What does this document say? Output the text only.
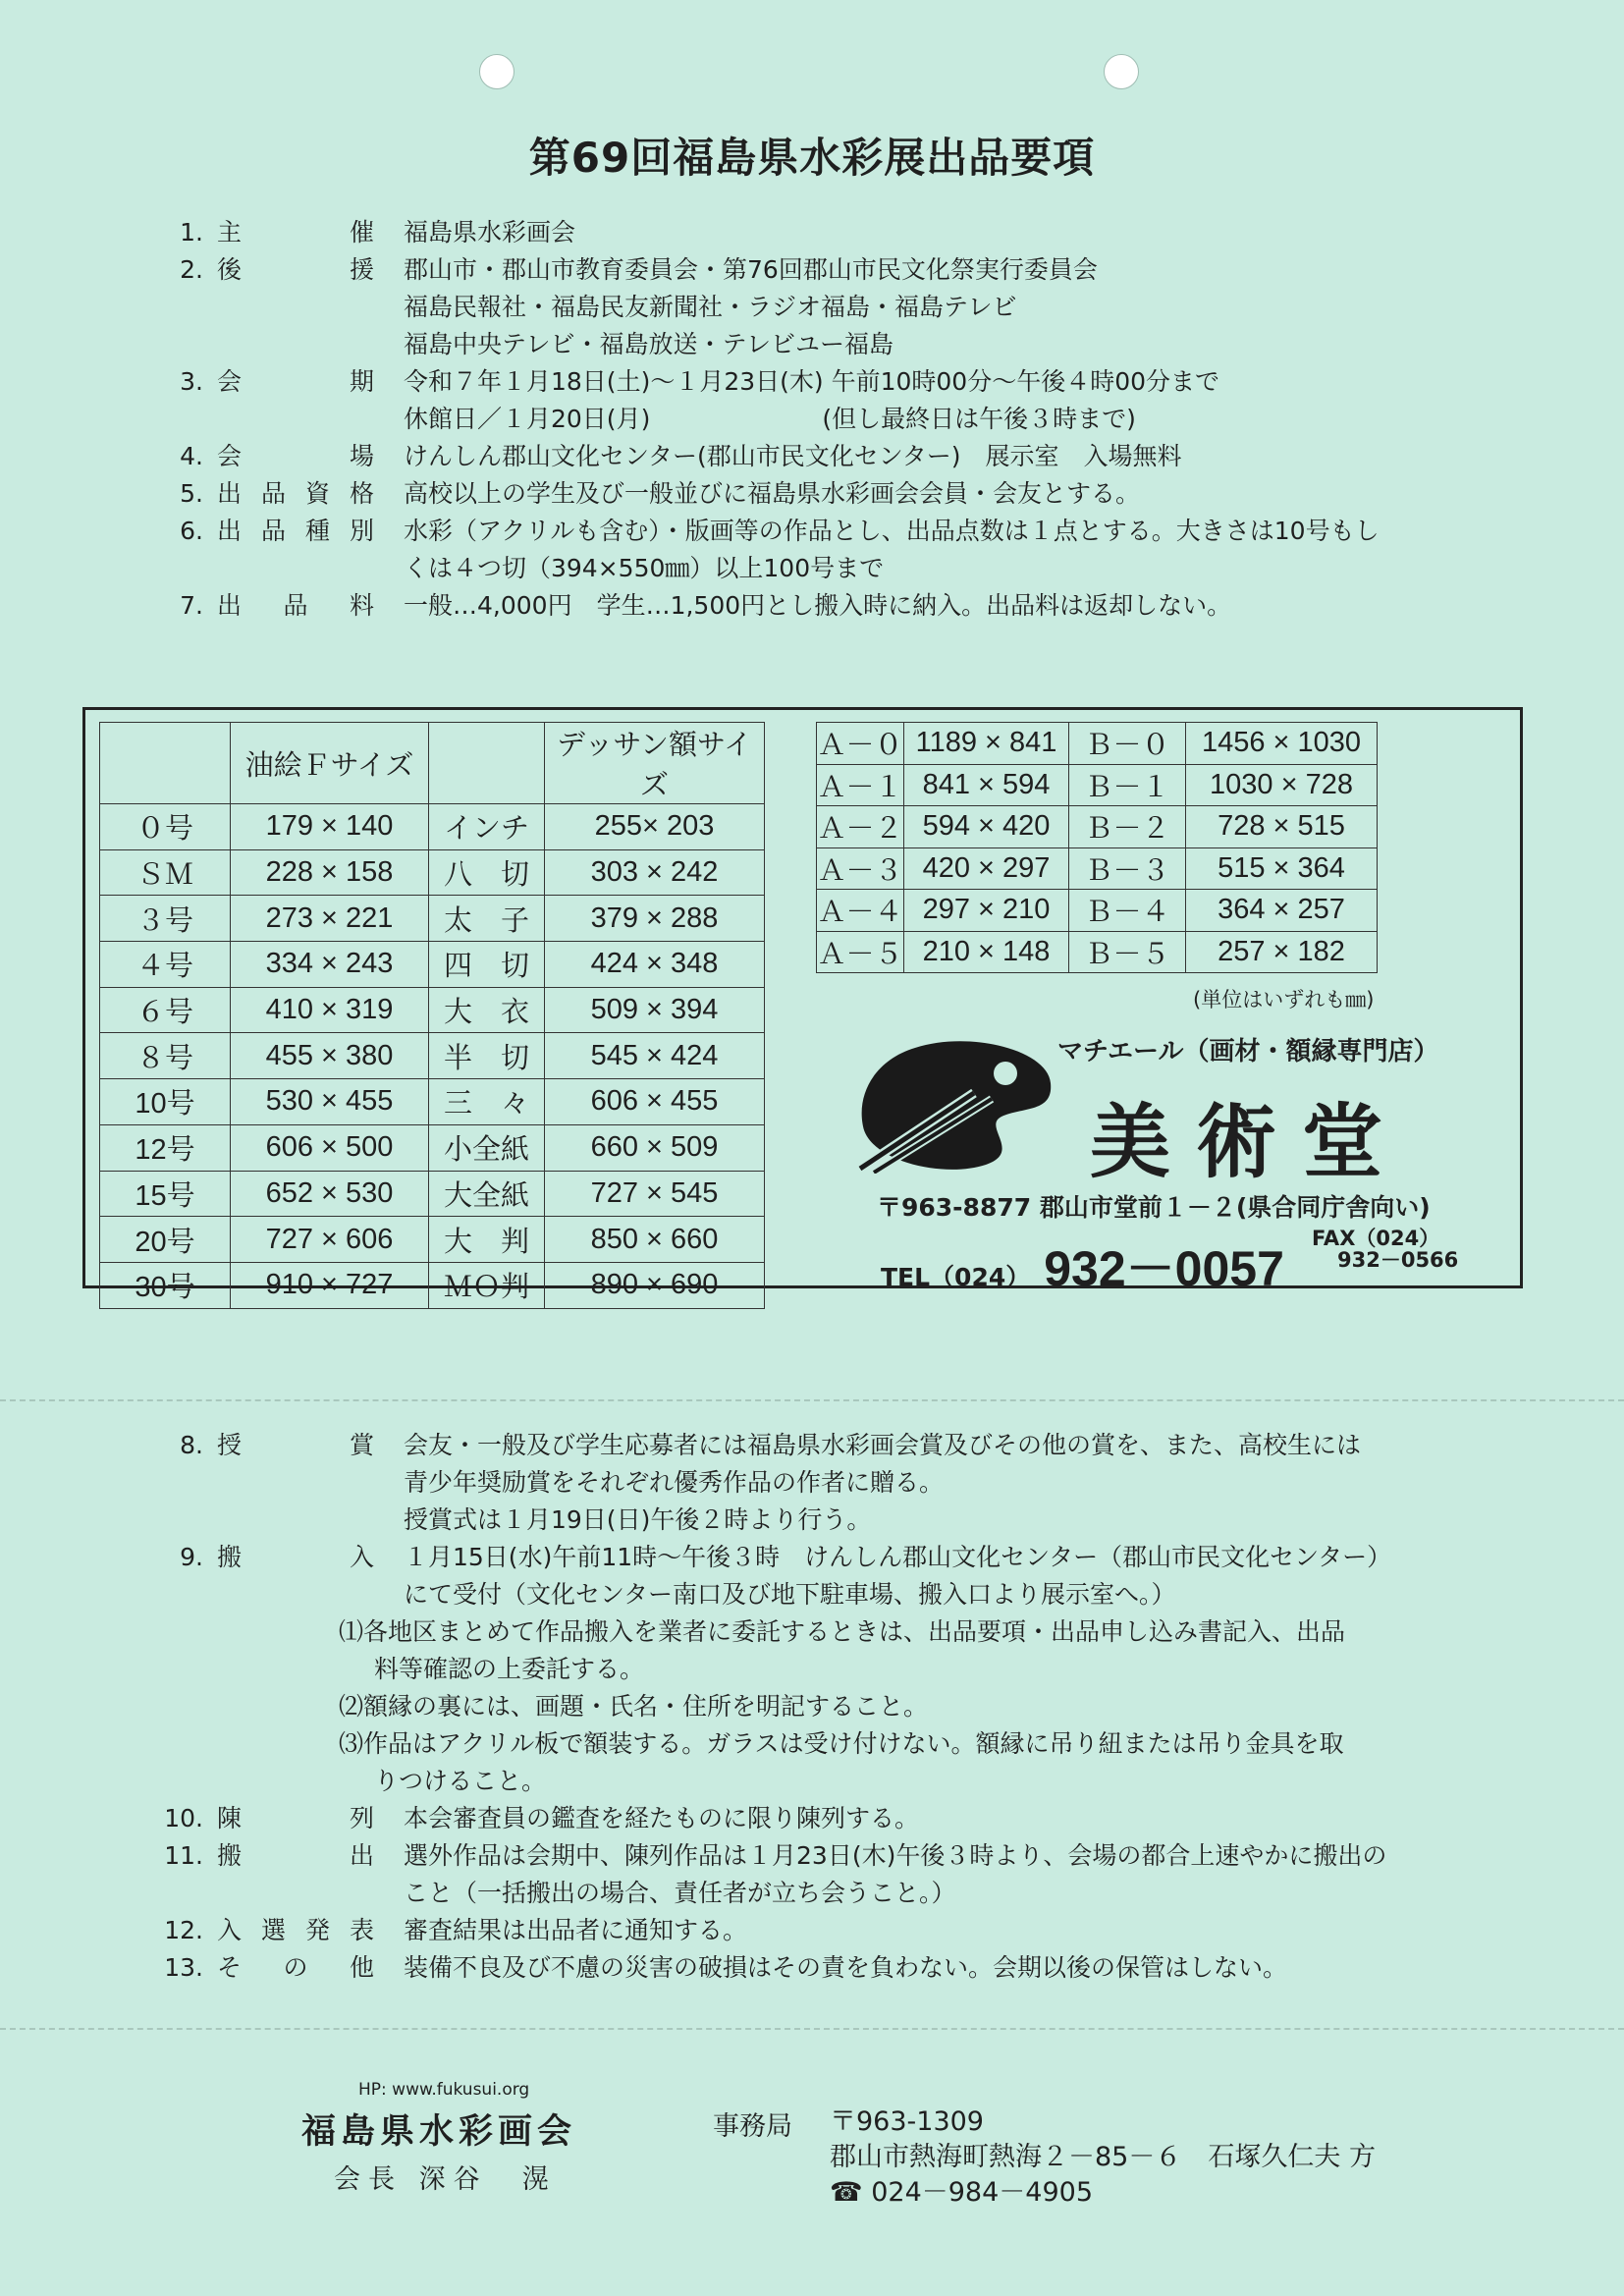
第69回福島県水彩展出品要項
1. 主　催	福島県水彩画会
2. 後　援	郡山市・郡山市教育委員会・第76回郡山市民文化祭実行委員会
福島民報社・福島民友新聞社・ラジオ福島・福島テレビ
福島中央テレビ・福島放送・テレビユー福島
3. 会　期	令和７年１月18日(土)～１月23日(木) 午前10時00分～午後４時00分まで
休館日／１月20日(月)　　　　　　　(但し最終日は午後３時まで)
4. 会　場	けんしん郡山文化センター(郡山市民文化センター)　展示室　入場無料
5. 出品資格	高校以上の学生及び一般並びに福島県水彩画会会員・会友とする。
6. 出品種別	水彩（アクリルも含む）・版画等の作品とし、出品点数は１点とする。大きさは10号もし
くは４つ切（394×550㎜）以上100号まで
7. 出品料	一般…4,000円　学生…1,500円とし搬入時に納入。出品料は返却しない。
	油絵Ｆサイズ		デッサン額サイズ
０号	179 × 140	インチ	255× 203
ＳＭ	228 × 158	八　切	303 × 242
３号	273 × 221	太　子	379 × 288
４号	334 × 243	四　切	424 × 348
６号	410 × 319	大　衣	509 × 394
８号	455 × 380	半　切	545 × 424
10号	530 × 455	三　々	606 × 455
12号	606 × 500	小全紙	660 × 509
15号	652 × 530	大全紙	727 × 545
20号	727 × 606	大　判	850 × 660
30号	910 × 727	ＭＯ判	890 × 690
Ａ－０	1189 × 841	Ｂ－０	1456 × 1030
Ａ－１	841 × 594	Ｂ－１	1030 × 728
Ａ－２	594 × 420	Ｂ－２	728 × 515
Ａ－３	420 × 297	Ｂ－３	515 × 364
Ａ－４	297 × 210	Ｂ－４	364 × 257
Ａ－５	210 × 148	Ｂ－５	257 × 182
(単位はいずれも㎜)
マチエール（画材・額縁専門店）
美術堂
〒963-8877 郡山市堂前１－２(県合同庁舎向い)
TEL（024） 932－0057
FAX（024）
932－0566
8. 授　賞	会友・一般及び学生応募者には福島県水彩画会賞及びその他の賞を、また、高校生には
青少年奨励賞をそれぞれ優秀作品の作者に贈る。
授賞式は１月19日(日)午後２時より行う。
9. 搬　入	１月15日(水)午前11時～午後３時　けんしん郡山文化センター（郡山市民文化センター）
にて受付（文化センター南口及び地下駐車場、搬入口より展示室へ。）
⑴各地区まとめて作品搬入を業者に委託するときは、出品要項・出品申し込み書記入、出品
料等確認の上委託する。
⑵額縁の裏には、画題・氏名・住所を明記すること。
⑶作品はアクリル板で額装する。ガラスは受け付けない。額縁に吊り紐または吊り金具を取
りつけること。
10. 陳　列	本会審査員の鑑査を経たものに限り陳列する。
11. 搬　出	選外作品は会期中、陳列作品は１月23日(木)午後３時より、会場の都合上速やかに搬出の
こと（一括搬出の場合、責任者が立ち会うこと。）
12. 入選発表	審査結果は出品者に通知する。
13. その他	装備不良及び不慮の災害の破損はその責を負わない。会期以後の保管はしない。
HP: www.fukusui.org
福島県水彩画会
会長 深谷　滉
事務局 〒963-1309
郡山市熱海町熱海２－85－６　石塚久仁夫 方
☎ 024－984－4905
